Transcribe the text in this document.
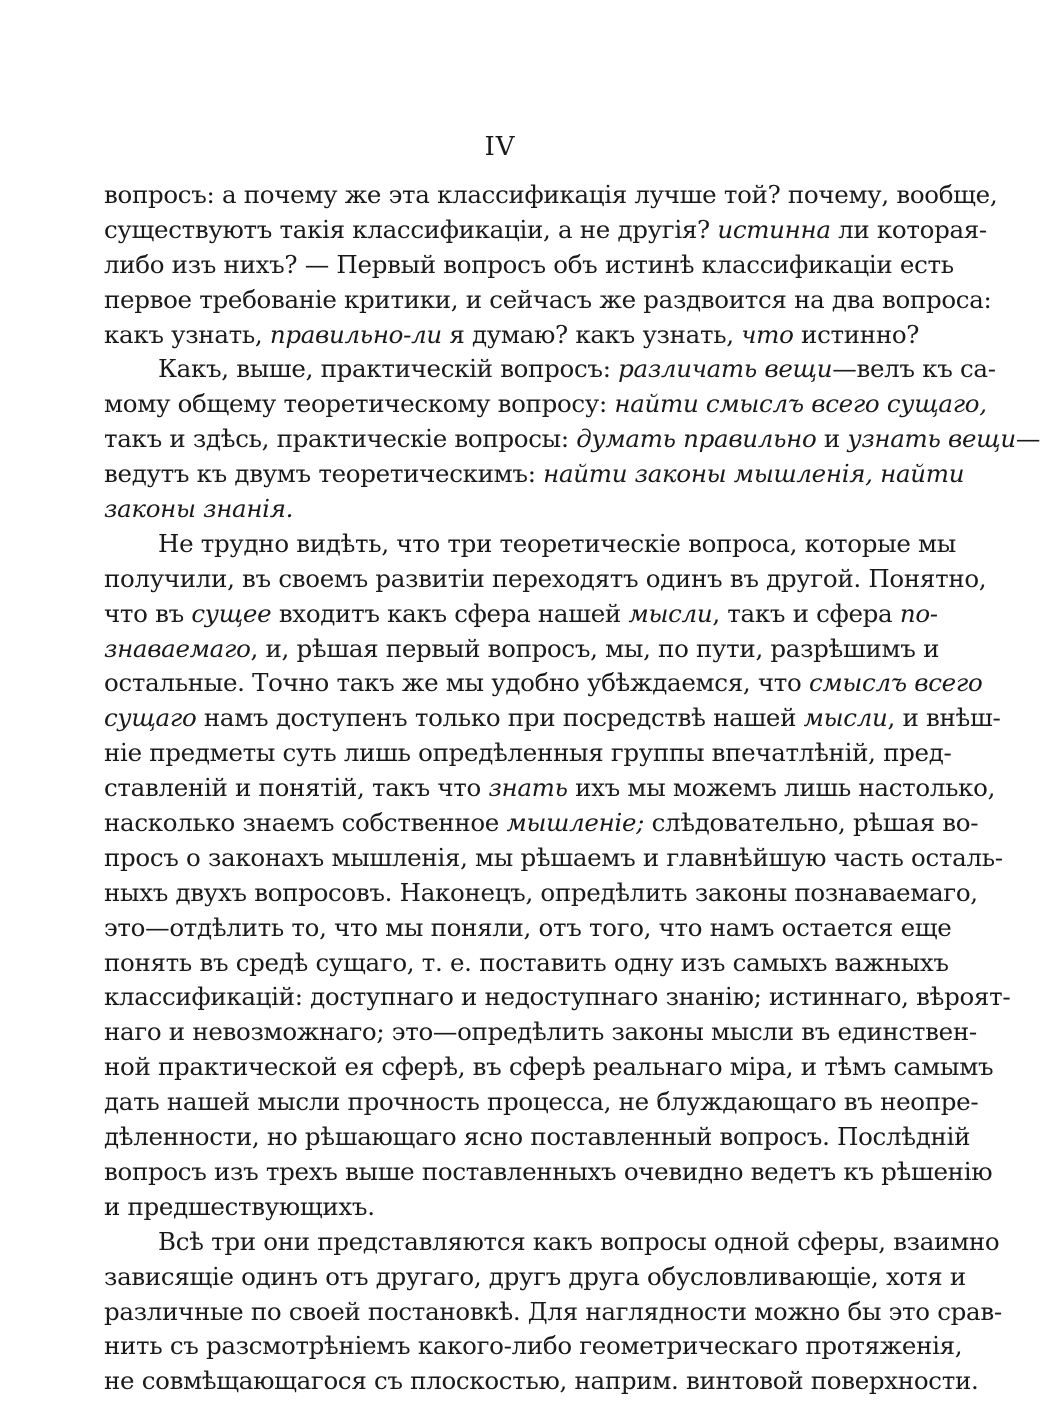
IV
вопросъ: а почему же эта классификація лучше той? почему, вообще,
существуютъ такія классификаціи, а не другія? истинна ли которая-
либо изъ нихъ? — Первый вопросъ объ истинѣ классификаціи есть
первое требованіе критики, и сейчасъ же раздвоится на два вопроса:
какъ узнать, правильно-ли я думаю? какъ узнать, что истинно?
Какъ, выше, практическій вопросъ: различать вещи—велъ къ са-
мому общему теоретическому вопросу: найти смыслъ всего сущаго,
такъ и здѣсь, практическіе вопросы: думать правильно и узнать вещи—
ведутъ къ двумъ теоретическимъ: найти законы мышленія, найти
законы знанія.
Не трудно видѣть, что три теоретическіе вопроса, которые мы
получили, въ своемъ развитіи переходятъ одинъ въ другой. Понятно,
что въ сущее входитъ какъ сфера нашей мысли, такъ и сфера по-
знаваемаго, и, рѣшая первый вопросъ, мы, по пути, разрѣшимъ и
остальные. Точно такъ же мы удобно убѣждаемся, что смыслъ всего
сущаго намъ доступенъ только при посредствѣ нашей мысли, и внѣш-
ніе предметы суть лишь опредѣленныя группы впечатлѣній, пред-
ставленій и понятій, такъ что знать ихъ мы можемъ лишь настолько,
насколько знаемъ собственное мышленіе; слѣдовательно, рѣшая во-
просъ о законахъ мышленія, мы рѣшаемъ и главнѣйшую часть осталь-
ныхъ двухъ вопросовъ. Наконецъ, опредѣлить законы познаваемаго,
это—отдѣлить то, что мы поняли, отъ того, что намъ остается еще
понять въ средѣ сущаго, т. е. поставить одну изъ самыхъ важныхъ
классификацій: доступнаго и недоступнаго знанію; истиннаго, вѣроят-
наго и невозможнаго; это—опредѣлить законы мысли въ единствен-
ной практической ея сферѣ, въ сферѣ реальнаго міра, и тѣмъ самымъ
дать нашей мысли прочность процесса, не блуждающаго въ неопре-
дѣленности, но рѣшающаго ясно поставленный вопросъ. Послѣдній
вопросъ изъ трехъ выше поставленныхъ очевидно ведетъ къ рѣшенію
и предшествующихъ.
Всѣ три они представляются какъ вопросы одной сферы, взаимно
зависящіе одинъ отъ другаго, другъ друга обусловливающіе, хотя и
различные по своей постановкѣ. Для наглядности можно бы это срав-
нить съ разсмотрѣніемъ какого-либо геометрическаго протяженія,
не совмѣщающагося съ плоскостью, наприм. винтовой поверхности.
